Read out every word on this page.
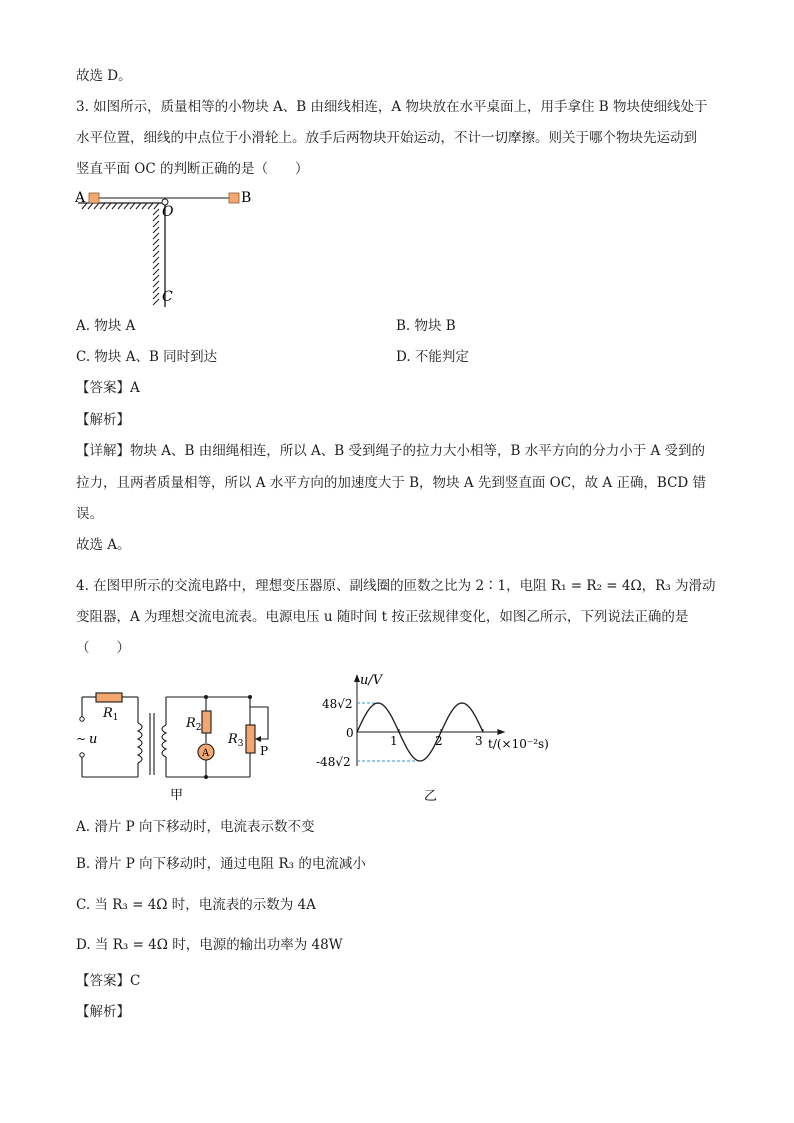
故选 D。
3. 如图所示，质量相等的小物块 A、B 由细线相连，A 物块放在水平桌面上，用手拿住 B 物块使细线处于
水平位置，细线的中点位于小滑轮上。放手后两物块开始运动，不计一切摩擦。则关于哪个物块先运动到
竖直平面 OC 的判断正确的是（　　）
A	B
O
C
A. 物块 A	B. 物块 B
C. 物块 A、B 同时到达	D. 不能判定
【答案】A
【解析】
【详解】物块 A、B 由细绳相连，所以 A、B 受到绳子的拉力大小相等，B 水平方向的分力小于 A 受到的
拉力，且两者质量相等，所以 A 水平方向的加速度大于 B，物块 A 先到竖直面 OC，故 A 正确，BCD 错
误。
故选 A。
4. 在图甲所示的交流电路中，理想变压器原、副线圈的匝数之比为 2∶1，电阻 R₁ = R₂ = 4Ω，R₃ 为滑动
变阻器，A 为理想交流电流表。电源电压 u 随时间 t 按正弦规律变化，如图乙所示，下列说法正确的是
（　　）
~ u
$R_1$	$R_2$
$R_3$
A	P
甲
u/V
t/(×10⁻²s)
48√2
-48√2
0
1	2	3
乙
A. 滑片 P 向下移动时，电流表示数不变
B. 滑片 P 向下移动时，通过电阻 R₃ 的电流减小
C. 当 R₃ = 4Ω 时，电流表的示数为 4A
D. 当 R₃ = 4Ω 时，电源的输出功率为 48W
【答案】C
【解析】
